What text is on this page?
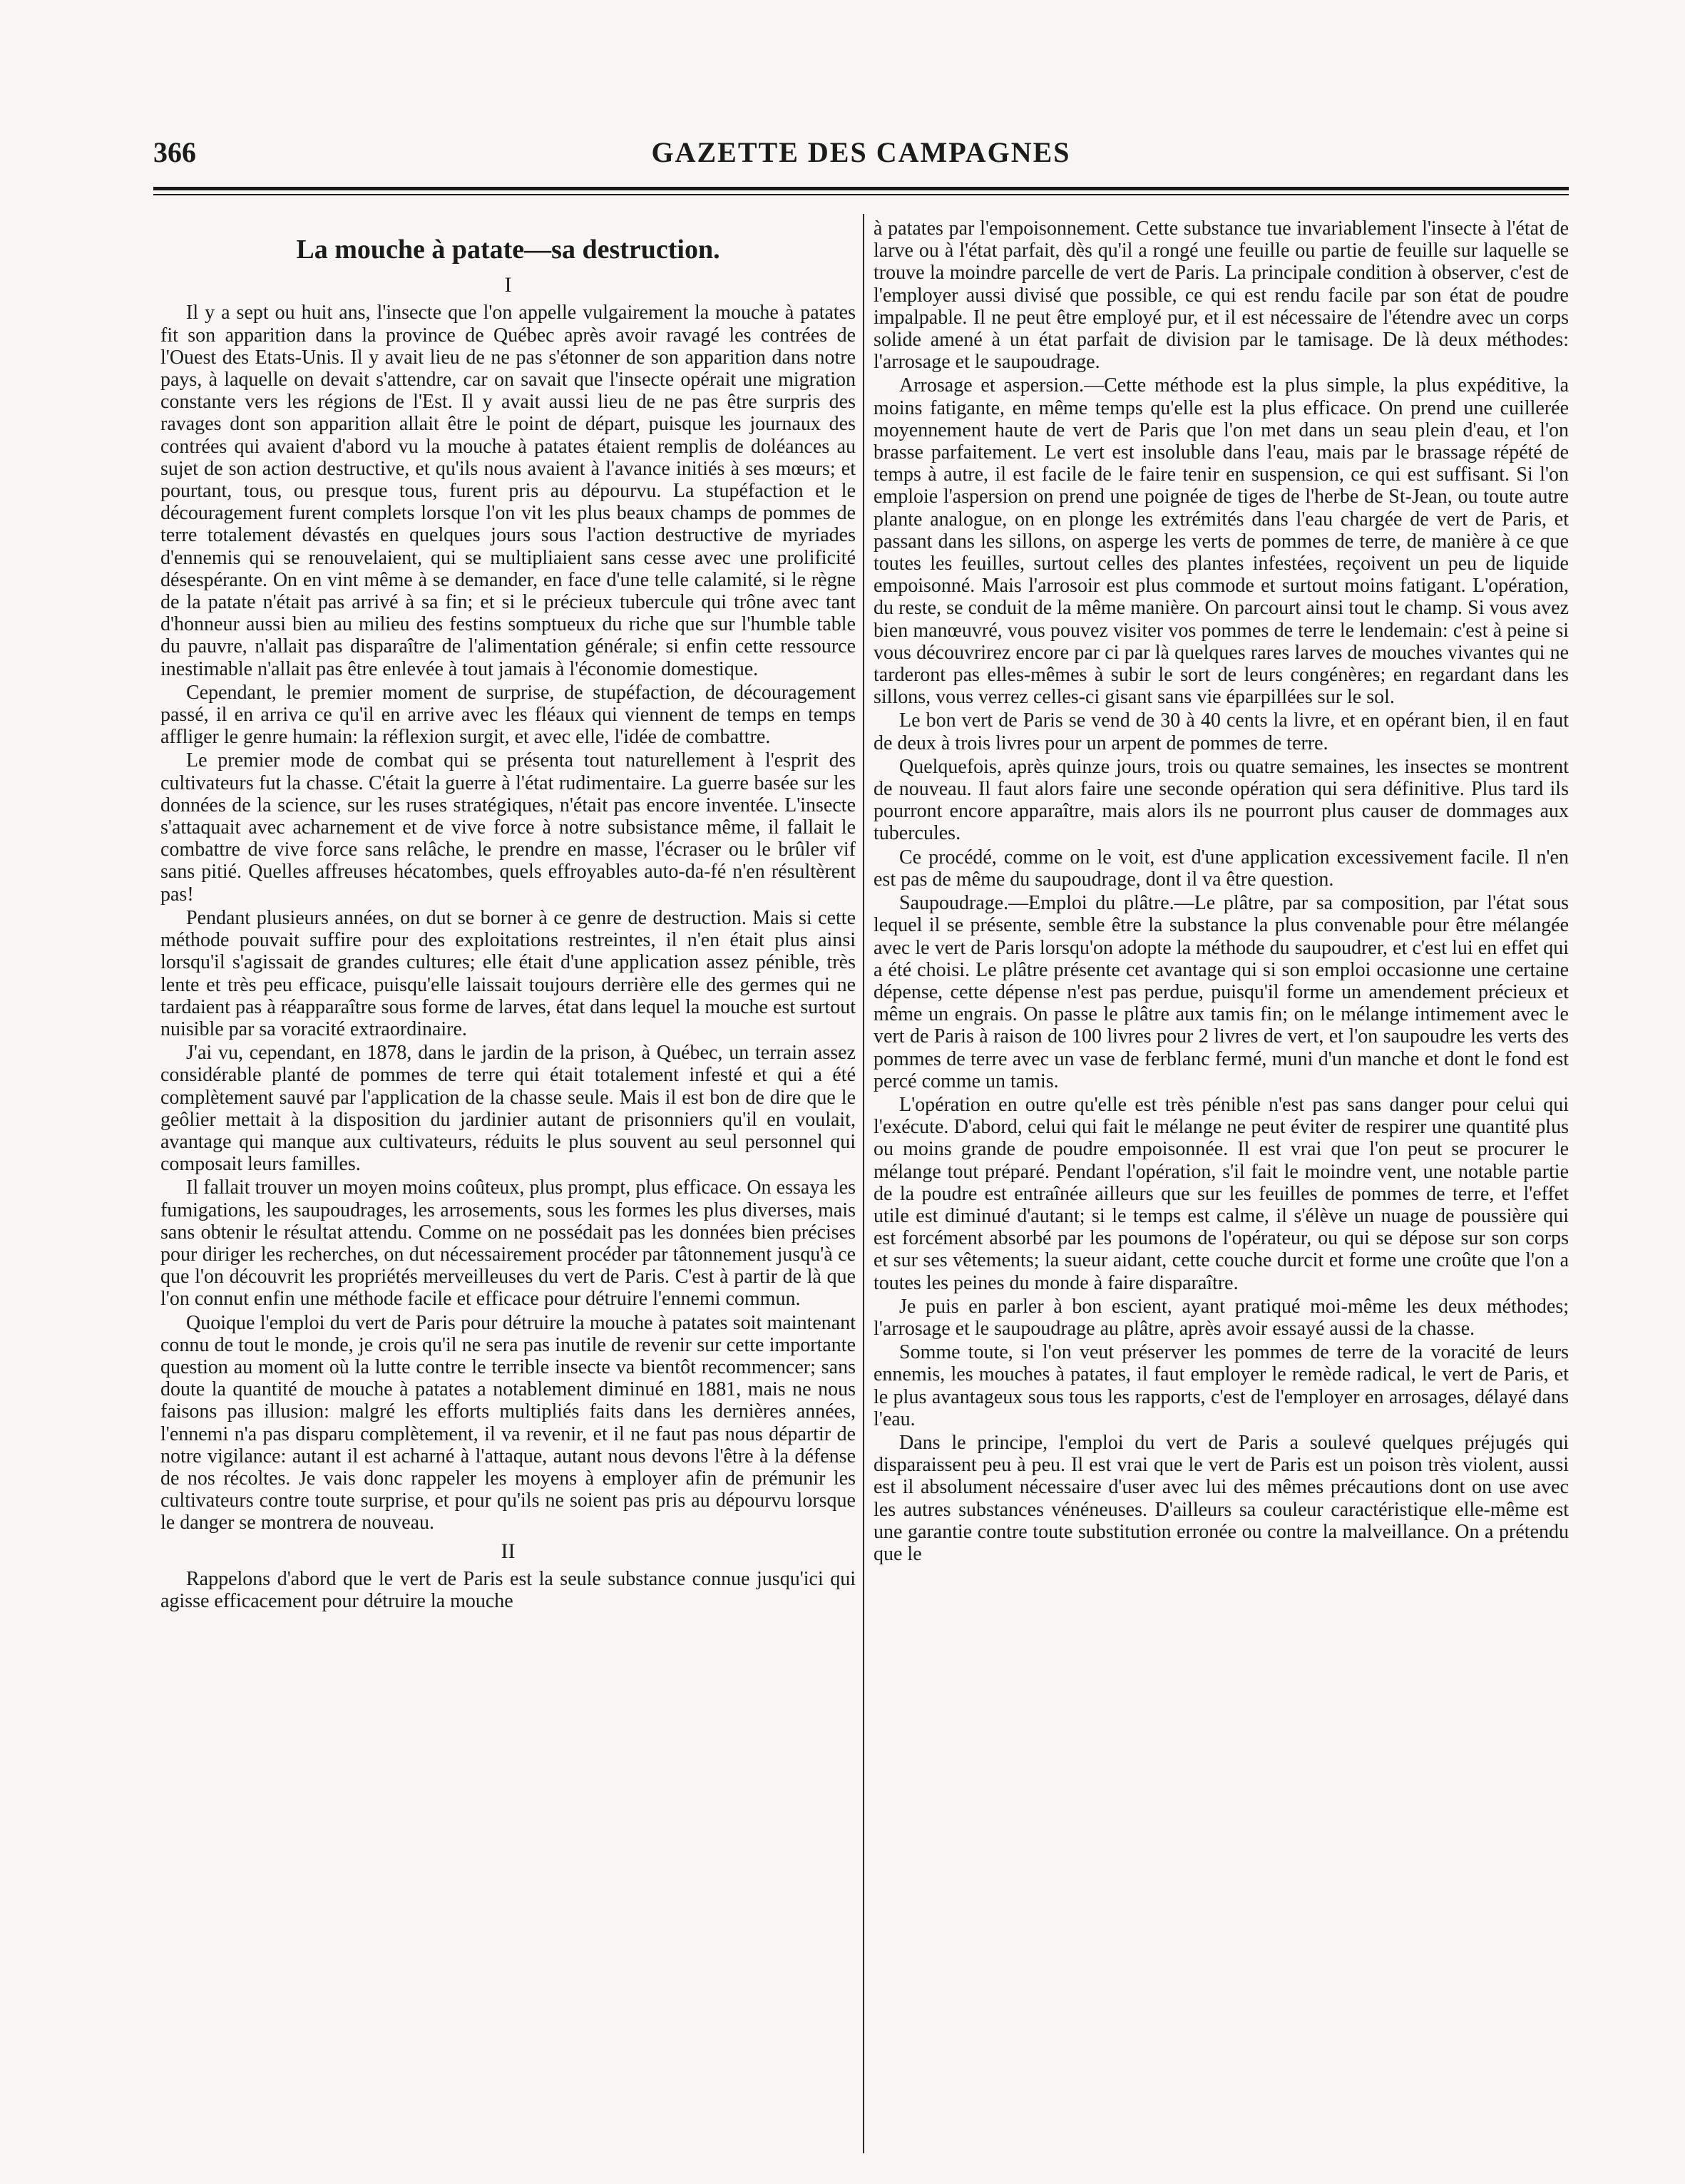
366	GAZETTE DES CAMPAGNES
La mouche à patate—sa destruction.
I

Il y a sept ou huit ans, l'insecte que l'on appelle vulgairement la mouche à patates fit son apparition dans la province de Québec après avoir ravagé les contrées de l'Ouest des Etats-Unis. Il y avait lieu de ne pas s'étonner de son apparition dans notre pays, à laquelle on devait s'attendre, car on savait que l'insecte opérait une migration constante vers les régions de l'Est. Il y avait aussi lieu de ne pas être surpris des ravages dont son apparition allait être le point de départ, puisque les journaux des contrées qui avaient d'abord vu la mouche à patates étaient remplis de doléances au sujet de son action destructive, et qu'ils nous avaient à l'avance initiés à ses mœurs; et pourtant, tous, ou presque tous, furent pris au dépourvu. La stupéfaction et le découragement furent complets lorsque l'on vit les plus beaux champs de pommes de terre totalement dévastés en quelques jours sous l'action destructive de myriades d'ennemis qui se renouvelaient, qui se multipliaient sans cesse avec une prolificité désespérante. On en vint même à se demander, en face d'une telle calamité, si le règne de la patate n'était pas arrivé à sa fin; et si le précieux tubercule qui trône avec tant d'honneur aussi bien au milieu des festins somptueux du riche que sur l'humble table du pauvre, n'allait pas disparaître de l'alimentation générale; si enfin cette ressource inestimable n'allait pas être enlevée à tout jamais à l'économie domestique.

Cependant, le premier moment de surprise, de stupéfaction, de découragement passé, il en arriva ce qu'il en arrive avec les fléaux qui viennent de temps en temps affliger le genre humain: la réflexion surgit, et avec elle, l'idée de combattre.

Le premier mode de combat qui se présenta tout naturellement à l'esprit des cultivateurs fut la chasse. C'était la guerre à l'état rudimentaire. La guerre basée sur les données de la science, sur les ruses stratégiques, n'était pas encore inventée. L'insecte s'attaquait avec acharnement et de vive force à notre subsistance même, il fallait le combattre de vive force sans relâche, le prendre en masse, l'écraser ou le brûler vif sans pitié. Quelles affreuses hécatombes, quels effroyables auto-da-fé n'en résultèrent pas!

Pendant plusieurs années, on dut se borner à ce genre de destruction. Mais si cette méthode pouvait suffire pour des exploitations restreintes, il n'en était plus ainsi lorsqu'il s'agissait de grandes cultures; elle était d'une application assez pénible, très lente et très peu efficace, puisqu'elle laissait toujours derrière elle des germes qui ne tardaient pas à réapparaître sous forme de larves, état dans lequel la mouche est surtout nuisible par sa voracité extraordinaire.

J'ai vu, cependant, en 1878, dans le jardin de la prison, à Québec, un terrain assez considérable planté de pommes de terre qui était totalement infesté et qui a été complètement sauvé par l'application de la chasse seule. Mais il est bon de dire que le geôlier mettait à la disposition du jardinier autant de prisonniers qu'il en voulait, avantage qui manque aux cultivateurs, réduits le plus souvent au seul personnel qui composait leurs familles.

Il fallait trouver un moyen moins coûteux, plus prompt, plus efficace. On essaya les fumigations, les saupoudrages, les arrosements, sous les formes les plus diverses, mais sans obtenir le résultat attendu. Comme on ne possédait pas les données bien précises pour diriger les recherches, on dut nécessairement procéder par tâtonnement jusqu'à ce que l'on découvrit les propriétés merveilleuses du vert de Paris. C'est à partir de là que l'on connut enfin une méthode facile et efficace pour détruire l'ennemi commun.

Quoique l'emploi du vert de Paris pour détruire la mouche à patates soit maintenant connu de tout le monde, je crois qu'il ne sera pas inutile de revenir sur cette importante question au moment où la lutte contre le terrible insecte va bientôt recommencer; sans doute la quantité de mouche à patates a notablement diminué en 1881, mais ne nous faisons pas illusion: malgré les efforts multipliés faits dans les dernières années, l'ennemi n'a pas disparu complètement, il va revenir, et il ne faut pas nous départir de notre vigilance: autant il est acharné à l'attaque, autant nous devons l'être à la défense de nos récoltes. Je vais donc rappeler les moyens à employer afin de prémunir les cultivateurs contre toute surprise, et pour qu'ils ne soient pas pris au dépourvu lorsque le danger se montrera de nouveau.

II

Rappelons d'abord que le vert de Paris est la seule substance connue jusqu'ici qui agisse efficacement pour détruire la mouche

à patates par l'empoisonnement. Cette substance tue invariablement l'insecte à l'état de larve ou à l'état parfait, dès qu'il a rongé une feuille ou partie de feuille sur laquelle se trouve la moindre parcelle de vert de Paris. La principale condition à observer, c'est de l'employer aussi divisé que possible, ce qui est rendu facile par son état de poudre impalpable. Il ne peut être employé pur, et il est nécessaire de l'étendre avec un corps solide amené à un état parfait de division par le tamisage. De là deux méthodes: l'arrosage et le saupoudrage.

Arrosage et aspersion.—Cette méthode est la plus simple, la plus expéditive, la moins fatigante, en même temps qu'elle est la plus efficace. On prend une cuillerée moyennement haute de vert de Paris que l'on met dans un seau plein d'eau, et l'on brasse parfaitement. Le vert est insoluble dans l'eau, mais par le brassage répété de temps à autre, il est facile de le faire tenir en suspension, ce qui est suffisant. Si l'on emploie l'aspersion on prend une poignée de tiges de l'herbe de St-Jean, ou toute autre plante analogue, on en plonge les extrémités dans l'eau chargée de vert de Paris, et passant dans les sillons, on asperge les verts de pommes de terre, de manière à ce que toutes les feuilles, surtout celles des plantes infestées, reçoivent un peu de liquide empoisonné. Mais l'arrosoir est plus commode et surtout moins fatigant. L'opération, du reste, se conduit de la même manière. On parcourt ainsi tout le champ. Si vous avez bien manœuvré, vous pouvez visiter vos pommes de terre le lendemain: c'est à peine si vous découvrirez encore par ci par là quelques rares larves de mouches vivantes qui ne tarderont pas elles-mêmes à subir le sort de leurs congénères; en regardant dans les sillons, vous verrez celles-ci gisant sans vie éparpillées sur le sol.

Le bon vert de Paris se vend de 30 à 40 cents la livre, et en opérant bien, il en faut de deux à trois livres pour un arpent de pommes de terre.

Quelquefois, après quinze jours, trois ou quatre semaines, les insectes se montrent de nouveau. Il faut alors faire une seconde opération qui sera définitive. Plus tard ils pourront encore apparaître, mais alors ils ne pourront plus causer de dommages aux tubercules.

Ce procédé, comme on le voit, est d'une application excessivement facile. Il n'en est pas de même du saupoudrage, dont il va être question.

Saupoudrage.—Emploi du plâtre.—Le plâtre, par sa composition, par l'état sous lequel il se présente, semble être la substance la plus convenable pour être mélangée avec le vert de Paris lorsqu'on adopte la méthode du saupoudrer, et c'est lui en effet qui a été choisi. Le plâtre présente cet avantage qui si son emploi occasionne une certaine dépense, cette dépense n'est pas perdue, puisqu'il forme un amendement précieux et même un engrais. On passe le plâtre aux tamis fin; on le mélange intimement avec le vert de Paris à raison de 100 livres pour 2 livres de vert, et l'on saupoudre les verts des pommes de terre avec un vase de ferblanc fermé, muni d'un manche et dont le fond est percé comme un tamis.

L'opération en outre qu'elle est très pénible n'est pas sans danger pour celui qui l'exécute. D'abord, celui qui fait le mélange ne peut éviter de respirer une quantité plus ou moins grande de poudre empoisonnée. Il est vrai que l'on peut se procurer le mélange tout préparé. Pendant l'opération, s'il fait le moindre vent, une notable partie de la poudre est entraînée ailleurs que sur les feuilles de pommes de terre, et l'effet utile est diminué d'autant; si le temps est calme, il s'élève un nuage de poussière qui est forcément absorbé par les poumons de l'opérateur, ou qui se dépose sur son corps et sur ses vêtements; la sueur aidant, cette couche durcit et forme une croûte que l'on a toutes les peines du monde à faire disparaître.

Je puis en parler à bon escient, ayant pratiqué moi-même les deux méthodes; l'arrosage et le saupoudrage au plâtre, après avoir essayé aussi de la chasse.

Somme toute, si l'on veut préserver les pommes de terre de la voracité de leurs ennemis, les mouches à patates, il faut employer le remède radical, le vert de Paris, et le plus avantageux sous tous les rapports, c'est de l'employer en arrosages, délayé dans l'eau.

Dans le principe, l'emploi du vert de Paris a soulevé quelques préjugés qui disparaissent peu à peu. Il est vrai que le vert de Paris est un poison très violent, aussi est il absolument nécessaire d'user avec lui des mêmes précautions dont on use avec les autres substances vénéneuses. D'ailleurs sa couleur caractéristique elle-même est une garantie contre toute substitution erronée ou contre la malveillance. On a prétendu que le
